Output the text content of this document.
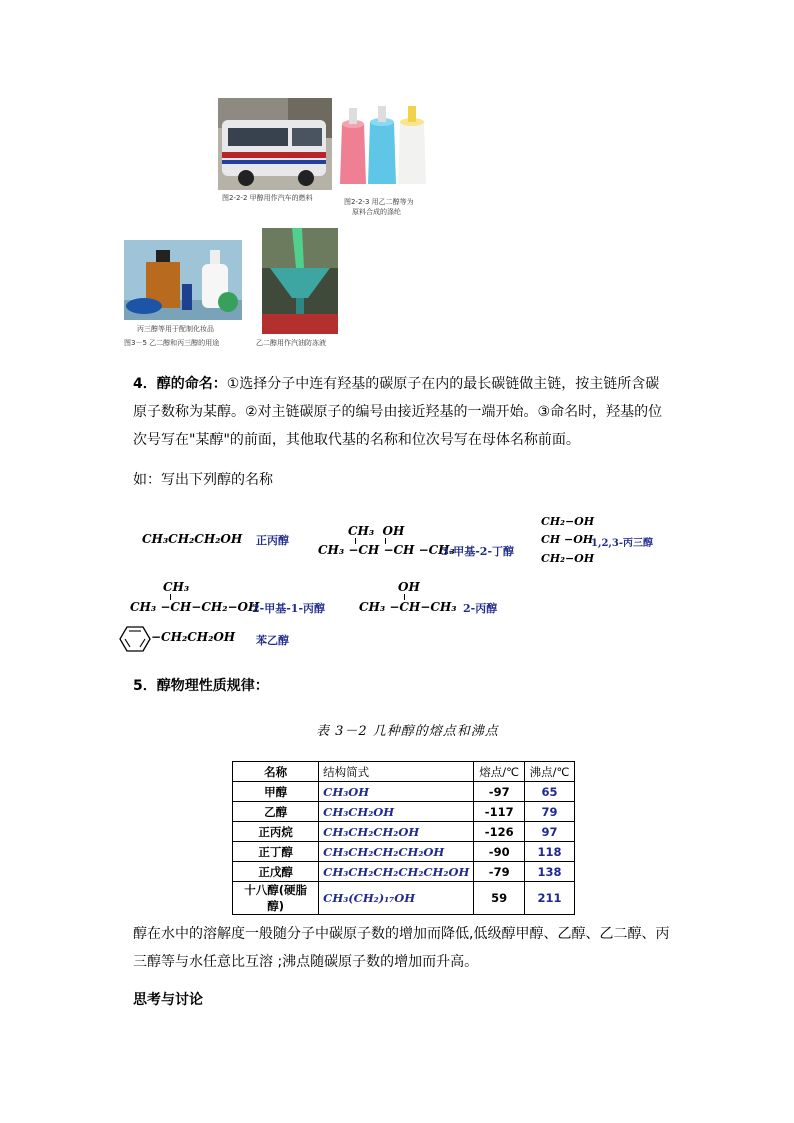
图2-2-2 甲醇用作汽车的燃料	图2-2-3 用乙二醇等为
原料合成的涤纶
丙三醇等用于配制化妆品
图3－5 乙二醇和丙三醇的用途	乙二醇用作汽油防冻液
4．醇的命名：①选择分子中连有羟基的碳原子在内的最长碳链做主链，按主链所含碳原子数称为某醇。②对主链碳原子的编号由接近羟基的一端开始。③命名时，羟基的位次号写在"某醇"的前面，其他取代基的名称和位次号写在母体名称前面。
如：写出下列醇的名称
CH₃CH₂CH₂OH 正丙醇
CH₃  OH
CH₃ −CH −CH −CH₃
3-甲基-2-丁醇
CH₂−OH
CH −OH
CH₂−OH
1,2,3-丙三醇
CH₃
CH₃ −CH−CH₂−OH
2-甲基-1-丙醇
OH
CH₃ −CH−CH₃ 2-丙醇
−CH₂CH₂OH 苯乙醇
5．醇物理性质规律：
表 3－2 几种醇的熔点和沸点
名称	结构简式	熔点/℃	沸点/℃
甲醇	CH₃OH	-97	65
乙醇	CH₃CH₂OH	-117	79
正丙烷	CH₃CH₂CH₂OH	-126	97
正丁醇	CH₃CH₂CH₂CH₂OH	-90	118
正戊醇	CH₃CH₂CH₂CH₂CH₂OH	-79	138
十八醇(硬脂醇)	CH₃(CH₂)₁₇OH	59	211
醇在水中的溶解度一般随分子中碳原子数的增加而降低,低级醇甲醇、乙醇、乙二醇、丙三醇等与水任意比互溶 ;沸点随碳原子数的增加而升高。
思考与讨论
